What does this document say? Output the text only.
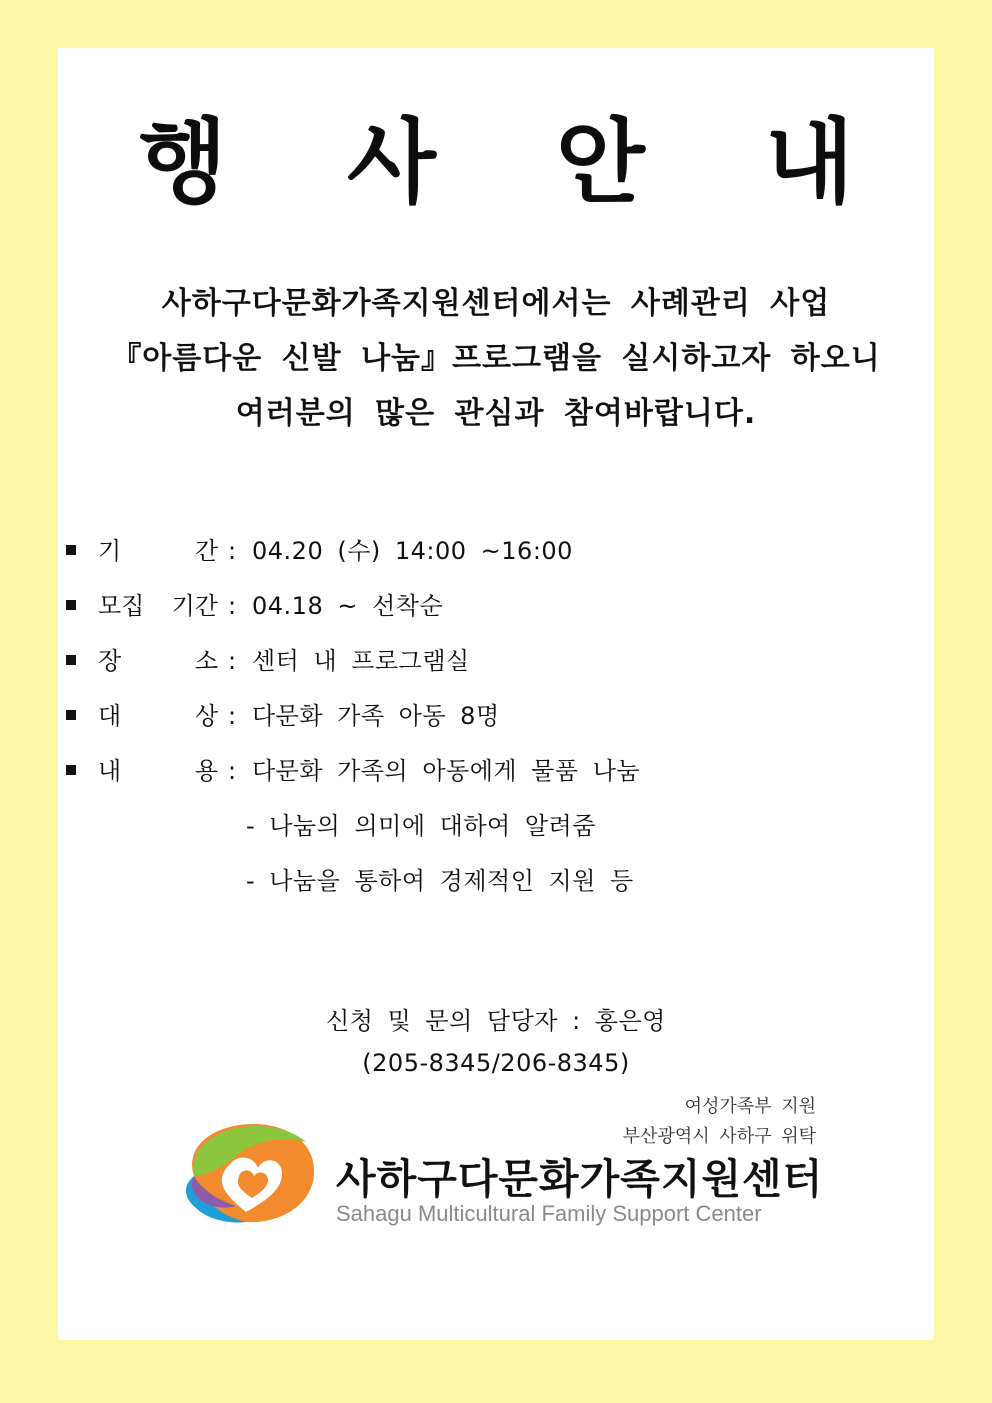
행 사 안 내
사하구다문화가족지원센터에서는 사례관리 사업
『아름다운 신발 나눔』프로그램을 실시하고자 하오니
여러분의 많은 관심과 참여바랍니다.
기	간 : 04.20 (수) 14:00 ~16:00
모집 기간 : 04.18 ~ 선착순
장	소 : 센터 내 프로그램실
대	상 : 다문화 가족 아동 8명
내	용 : 다문화 가족의 아동에게 물품 나눔
- 나눔의 의미에 대하여 알려줌
- 나눔을 통하여 경제적인 지원 등
신청 및 문의 담당자 : 홍은영
(205-8345/206-8345)
여성가족부 지원
부산광역시 사하구 위탁
사하구다문화가족지원센터
Sahagu Multicultural Family Support Center
